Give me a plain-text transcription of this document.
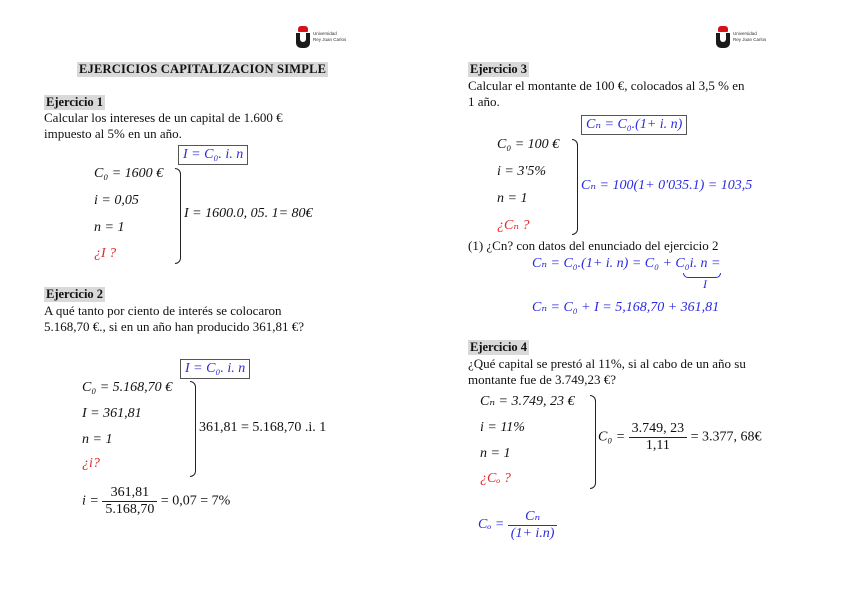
Universidad
Rey Juan Carlos
EJERCICIOS CAPITALIZACION SIMPLE
Ejercicio 1
Calcular los intereses de un capital de 1.600 €
impuesto al 5% en un año.
I = C₀. i. n
C₀ = 1600 €
i = 0,05
n = 1
¿I ?
I = 1600.0, 05. 1= 80€
Ejercicio 2
A qué tanto por ciento de interés se colocaron
5.168,70 €., si en un año han producido 361,81 €?
I = C₀. i. n
C₀ = 5.168,70 €
I = 361,81
n = 1
¿i?
361,81 = 5.168,70 .i. 1
$i = \frac{361,81}{5.168,70} = 0,07 = 7\%$
Universidad
Rey Juan Carlos
Ejercicio 3
Calcular el montante de 100 €, colocados al 3,5 % en
1 año.
Cₙ = C₀.(1+ i. n)
C₀ = 100 €
i = 3′5%
n = 1
¿Cₙ ?
Cₙ = 100(1+ 0′035.1) = 103,5
(1) ¿Cn? con datos del enunciado del ejercicio 2
Cₙ = C₀.(1+ i. n) = C₀ + C₀i. n =
I
Cₙ = C₀ + I = 5,168,70 + 361,81
Ejercicio 4
¿Qué capital se prestó al 11%, si al cabo de un año su
montante fue de 3.749,23 €?
Cₙ = 3.749, 23 €
i = 11%
n = 1
¿Cₒ ?
$C_0 = \frac{3.749, 23}{1,11} = 3.377$, 68€
$C_o = \frac{\text{Cₙ}}{(1+ i.n)}$
